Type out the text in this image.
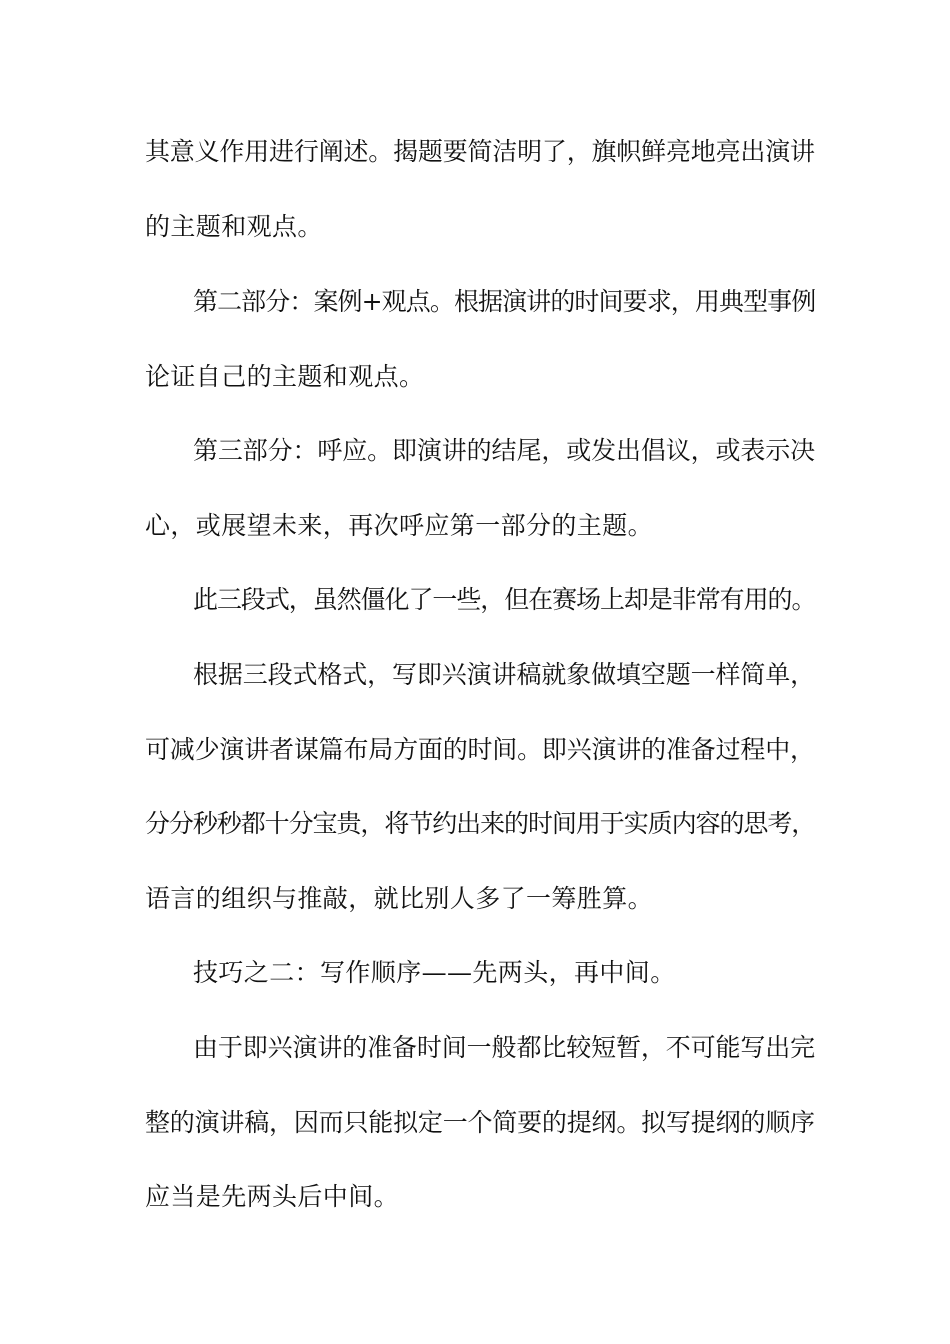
其意义作用进行阐述。揭题要简洁明了，旗帜鲜亮地亮出演讲
的主题和观点。
第二部分：案例+观点。根据演讲的时间要求，用典型事例
论证自己的主题和观点。
第三部分：呼应。即演讲的结尾，或发出倡议，或表示决
心，或展望未来，再次呼应第一部分的主题。
此三段式，虽然僵化了一些，但在赛场上却是非常有用的。
根据三段式格式，写即兴演讲稿就象做填空题一样简单，
可减少演讲者谋篇布局方面的时间。即兴演讲的准备过程中，
分分秒秒都十分宝贵，将节约出来的时间用于实质内容的思考，
语言的组织与推敲，就比别人多了一筹胜算。
技巧之二：写作顺序——先两头，再中间。
由于即兴演讲的准备时间一般都比较短暂，不可能写出完
整的演讲稿，因而只能拟定一个简要的提纲。拟写提纲的顺序
应当是先两头后中间。
